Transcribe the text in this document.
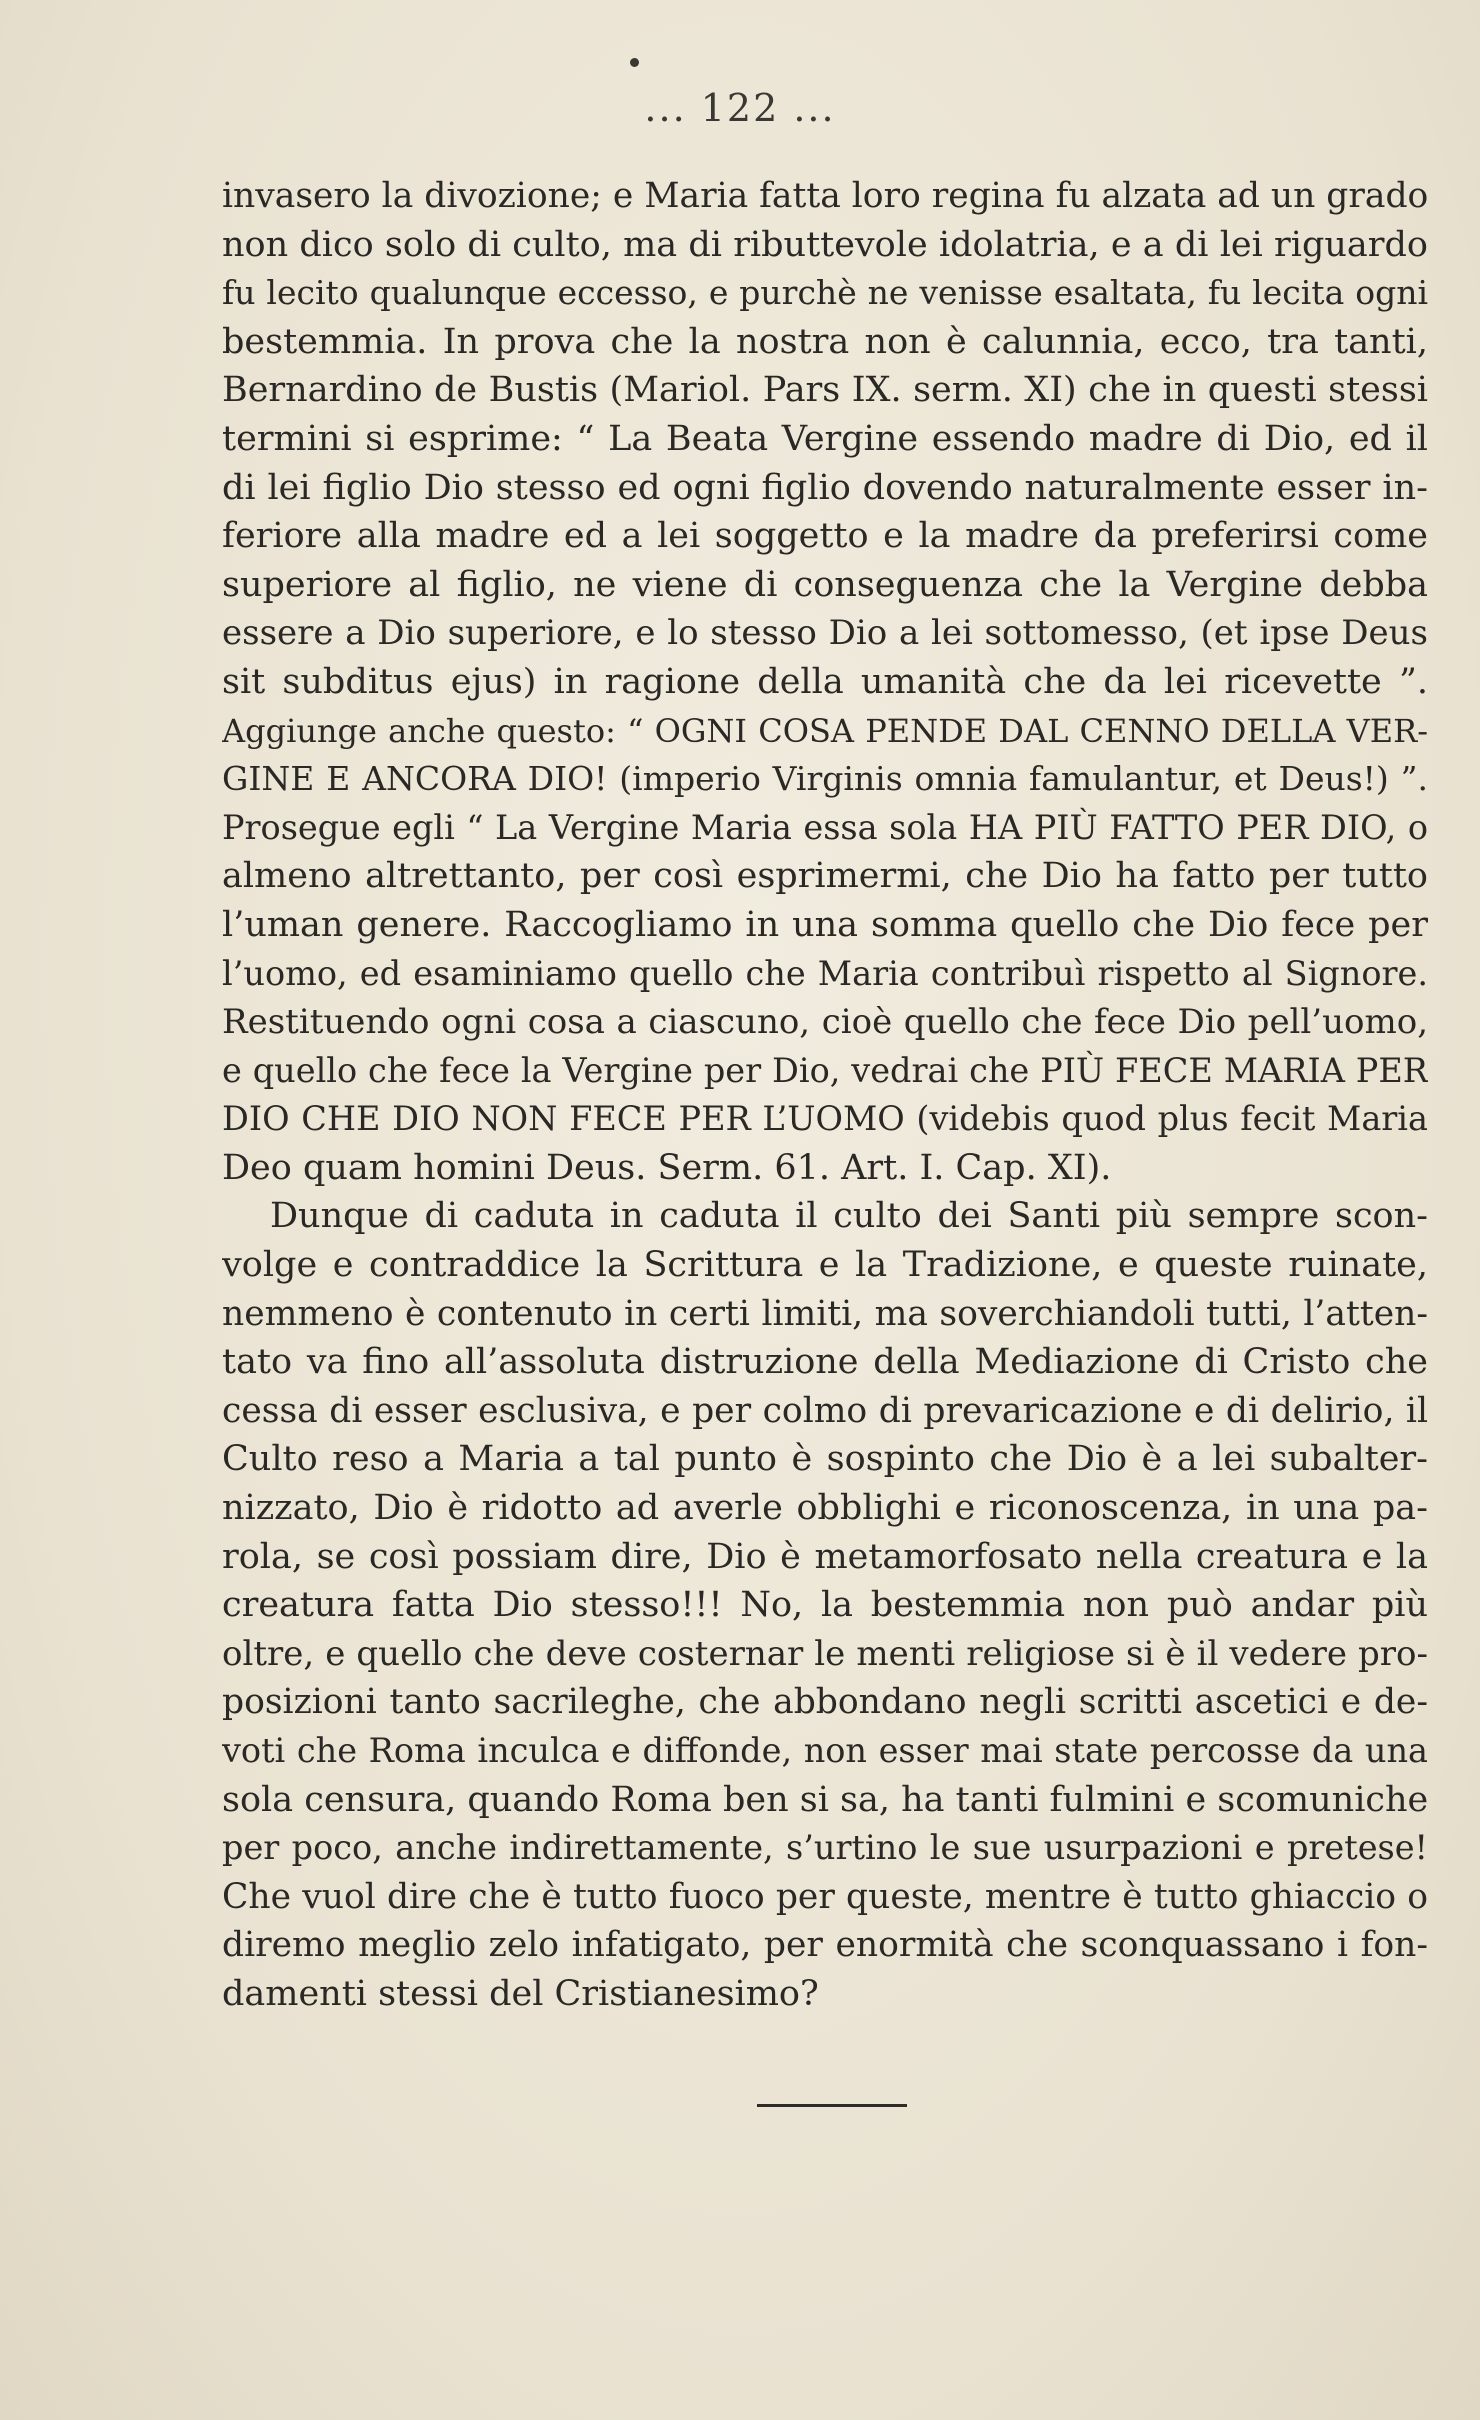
... 122 ...
invasero la divozione; e Maria fatta loro regina fu alzata ad un grado
non dico solo di culto, ma di ributtevole idolatria, e a di lei riguardo
fu lecito qualunque eccesso, e purchè ne venisse esaltata, fu lecita ogni
bestemmia. In prova che la nostra non è calunnia, ecco, tra tanti,
Bernardino de Bustis (Mariol. Pars IX. serm. XI) che in questi stessi
termini si esprime: “ La Beata Vergine essendo madre di Dio, ed il
di lei figlio Dio stesso ed ogni figlio dovendo naturalmente esser in-
feriore alla madre ed a lei soggetto e la madre da preferirsi come
superiore al figlio, ne viene di conseguenza che la Vergine debba
essere a Dio superiore, e lo stesso Dio a lei sottomesso, (et ipse Deus
sit subditus ejus) in ragione della umanità che da lei ricevette ”.
Aggiunge anche questo: “ OGNI COSA PENDE DAL CENNO DELLA VER-
GINE E ANCORA DIO! (imperio Virginis omnia famulantur, et Deus!) ”.
Prosegue egli “ La Vergine Maria essa sola HA PIÙ FATTO PER DIO, o
almeno altrettanto, per così esprimermi, che Dio ha fatto per tutto
l’uman genere. Raccogliamo in una somma quello che Dio fece per
l’uomo, ed esaminiamo quello che Maria contribuì rispetto al Signore.
Restituendo ogni cosa a ciascuno, cioè quello che fece Dio pell’uomo,
e quello che fece la Vergine per Dio, vedrai che PIÙ FECE MARIA PER
DIO CHE DIO NON FECE PER L’UOMO (videbis quod plus fecit Maria
Deo quam homini Deus. Serm. 61. Art. I. Cap. XI).
Dunque di caduta in caduta il culto dei Santi più sempre scon-
volge e contraddice la Scrittura e la Tradizione, e queste ruinate,
nemmeno è contenuto in certi limiti, ma soverchiandoli tutti, l’atten-
tato va fino all’assoluta distruzione della Mediazione di Cristo che
cessa di esser esclusiva, e per colmo di prevaricazione e di delirio, il
Culto reso a Maria a tal punto è sospinto che Dio è a lei subalter-
nizzato, Dio è ridotto ad averle obblighi e riconoscenza, in una pa-
rola, se così possiam dire, Dio è metamorfosato nella creatura e la
creatura fatta Dio stesso!!! No, la bestemmia non può andar più
oltre, e quello che deve costernar le menti religiose si è il vedere pro-
posizioni tanto sacrileghe, che abbondano negli scritti ascetici e de-
voti che Roma inculca e diffonde, non esser mai state percosse da una
sola censura, quando Roma ben si sa, ha tanti fulmini e scomuniche
per poco, anche indirettamente, s’urtino le sue usurpazioni e pretese!
Che vuol dire che è tutto fuoco per queste, mentre è tutto ghiaccio o
diremo meglio zelo infatigato, per enormità che sconquassano i fon-
damenti stessi del Cristianesimo?
